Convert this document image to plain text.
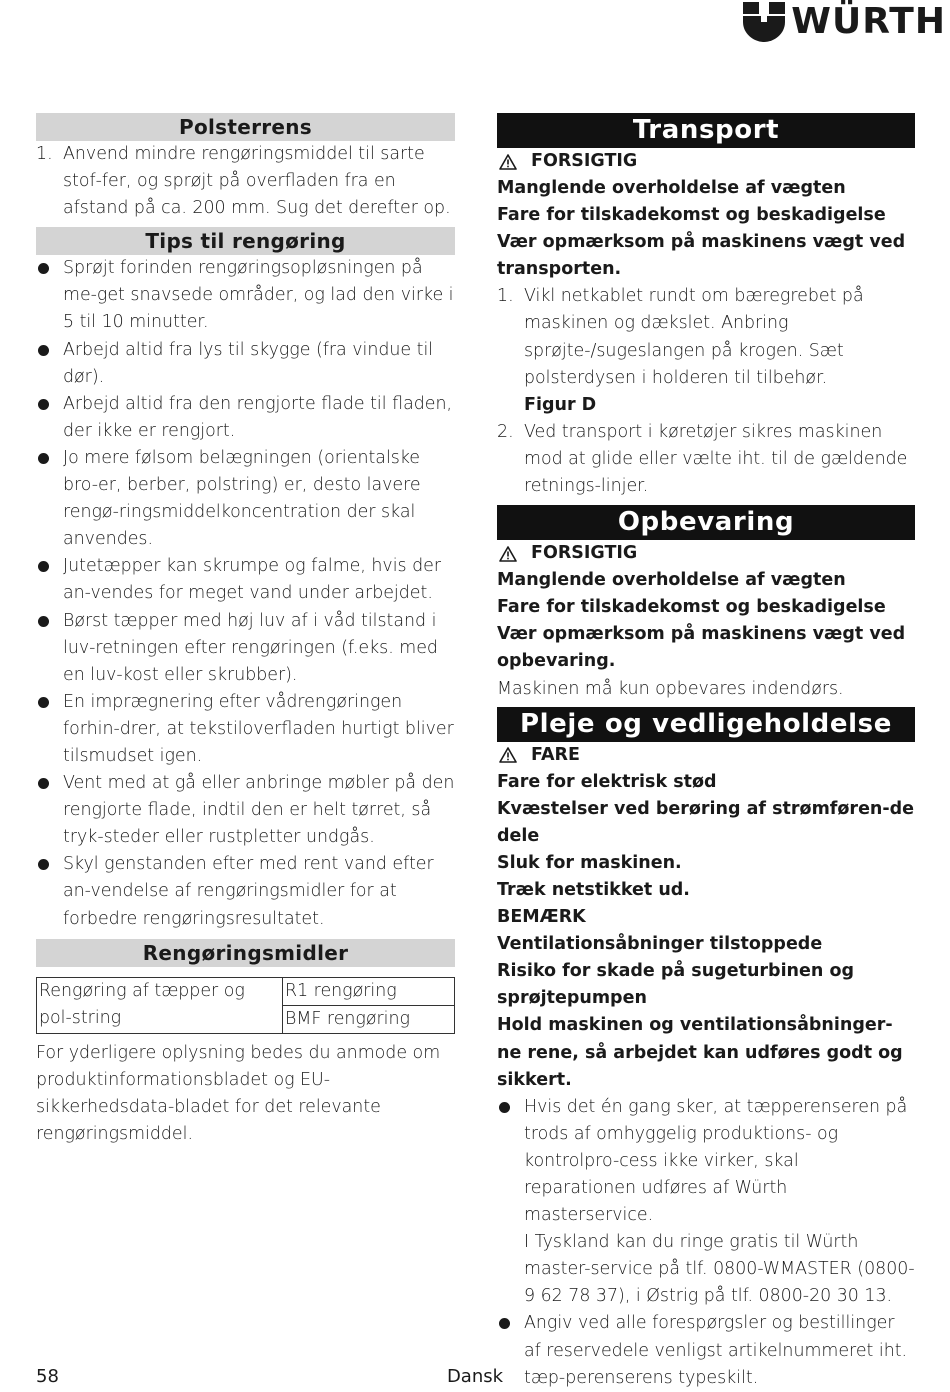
WÜRTH
Polsterrens
1. Anvend mindre rengøringsmiddel til sarte stof-fer, og sprøjt på overfladen fra en afstand på ca. 200 mm. Sug det derefter op.
Tips til rengøring
Sprøjt forinden rengøringsopløsningen på me-get snavsede områder, og lad den virke i 5 til 10 minutter.
Arbejd altid fra lys til skygge (fra vindue til dør).
Arbejd altid fra den rengjorte flade til fladen, der ikke er rengjort.
Jo mere følsom belægningen (orientalske bro-er, berber, polstring) er, desto lavere rengø-ringsmiddelkoncentration der skal anvendes.
Jutetæpper kan skrumpe og falme, hvis der an-vendes for meget vand under arbejdet.
Børst tæpper med høj luv af i våd tilstand i luv-retningen efter rengøringen (f.eks. med en luv-kost eller skrubber).
En imprægnering efter vådrengøringen forhin-drer, at tekstiloverfladen hurtigt bliver tilsmudset igen.
Vent med at gå eller anbringe møbler på den rengjorte flade, indtil den er helt tørret, så tryk-steder eller rustpletter undgås.
Skyl genstanden efter med rent vand efter an-vendelse af rengøringsmidler for at forbedre rengøringsresultatet.
Rengøringsmidler
Rengøring af tæpper og pol-string	R1 rengøring
BMF rengøring
For yderligere oplysning bedes du anmode om produktinformationsbladet og EU-sikkerhedsdata-bladet for det relevante rengøringsmiddel.
Transport
FORSIGTIG
Manglende overholdelse af vægten
Fare for tilskadekomst og beskadigelse
Vær opmærksom på maskinens vægt ved transporten.
1. Vikl netkablet rundt om bæregrebet på maskinen og dækslet. Anbring sprøjte-/sugeslangen på krogen. Sæt polsterdysen i holderen til tilbehør.
Figur D
2. Ved transport i køretøjer sikres maskinen mod at glide eller vælte iht. til de gældende retnings-linjer.
Opbevaring
FORSIGTIG
Manglende overholdelse af vægten
Fare for tilskadekomst og beskadigelse
Vær opmærksom på maskinens vægt ved opbevaring.
Maskinen må kun opbevares indendørs.
Pleje og vedligeholdelse
FARE
Fare for elektrisk stød
Kvæstelser ved berøring af strømføren-de dele
Sluk for maskinen.
Træk netstikket ud.
BEMÆRK
Ventilationsåbninger tilstoppede
Risiko for skade på sugeturbinen og sprøjtepumpen
Hold maskinen og ventilationsåbninger-ne rene, så arbejdet kan udføres godt og sikkert.
Hvis det én gang sker, at tæpperenseren på trods af omhyggelig produktions- og kontrolpro-cess ikke virker, skal reparationen udføres af Würth masterservice.
I Tyskland kan du ringe gratis til Würth master-service på tlf. 0800-WMASTER (0800-9 62 78 37), i Østrig på tlf. 0800-20 30 13.
Angiv ved alle forespørgsler og bestillinger af reservedele venligst artikelnummeret iht. tæp-perenserens typeskilt.
58	Dansk
